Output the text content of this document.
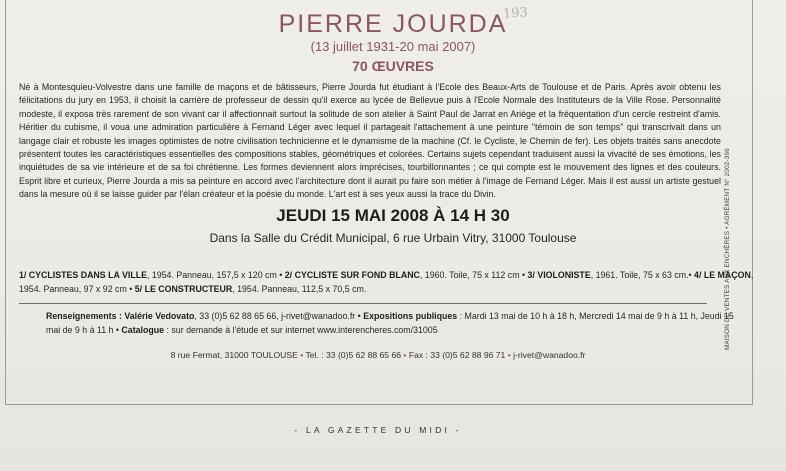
193
PIERRE JOURDA
(13 juillet 1931-20 mai 2007)
70 ŒUVRES
Né à Montesquieu-Volvestre dans une famille de maçons et de bâtisseurs, Pierre Jourda fut étudiant à l'Ecole des Beaux-Arts de Toulouse et de Paris. Après avoir obtenu les félicitations du jury en 1953, il choisit la carrière de professeur de dessin qu'il exerce au lycée de Bellevue puis à l'Ecole Normale des Instituteurs de la Ville Rose. Personnalité modeste, il exposa très rarement de son vivant car il affectionnait surtout la solitude de son atelier à Saint Paul de Jarrat en Ariège et la fréquentation d'un cercle restreint d'amis. Héritier du cubisme, il voua une admiration particulière à Fernand Léger avec lequel il partageait l'attachement à une peinture "témoin de son temps" qui transcrivait dans un langage clair et robuste les images optimistes de notre civilisation technicienne et le dynamisme de la machine (Cf. le Cycliste, le Chemin de fer). Les objets traités sans anecdote présentent toutes les caractéristiques essentielles des compositions stables, géométriques et colorées. Certains sujets cependant traduisent aussi la vivacité de ses émotions, les inquiétudes de sa vie intérieure et de sa foi chrétienne. Les formes deviennent alors imprécises, tourbillonnantes ; ce qui compte est le mouvement des lignes et des couleurs. Esprit libre et curieux, Pierre Jourda a mis sa peinture en accord avec l'architecture dont il aurait pu faire son métier à l'image de Fernand Léger. Mais il est aussi un artiste gestuel dans la mesure où il se laisse guider par l'élan créateur et la poésie du monde. L'art est à ses yeux aussi la trace du Divin.
JEUDI 15 MAI 2008 À 14 H 30
Dans la Salle du Crédit Municipal, 6 rue Urbain Vitry, 31000 Toulouse
1/ CYCLISTES DANS LA VILLE, 1954. Panneau, 157,5 x 120 cm • 2/ CYCLISTE SUR FOND BLANC, 1960. Toile, 75 x 112 cm • 3/ VIOLONISTE, 1961. Toile, 75 x 63 cm.• 4/ LE MAÇON, 1954. Panneau, 97 x 92 cm • 5/ LE CONSTRUCTEUR, 1954. Panneau, 112,5 x 70,5 cm.
Renseignements : Valérie Vedovato, 33 (0)5 62 88 65 66, j-rivet@wanadoo.fr • Expositions publiques : Mardi 13 mai de 10 h à 18 h, Mercredi 14 mai de 9 h à 11 h, Jeudi 15 mai de 9 h à 11 h • Catalogue : sur demande à l'étude et sur internet www.interencheres.com/31005
8 rue Fermat, 31000 TOULOUSE • Tel. : 33 (0)5 62 88 65 66 • Fax : 33 (0)5 62 88 96 71 • j-rivet@wanadoo.fr
MAISON DE VENTES AUX ENCHÈRES • AGRÉMENT N° 2002-366
- LA GAZETTE DU MIDI -
